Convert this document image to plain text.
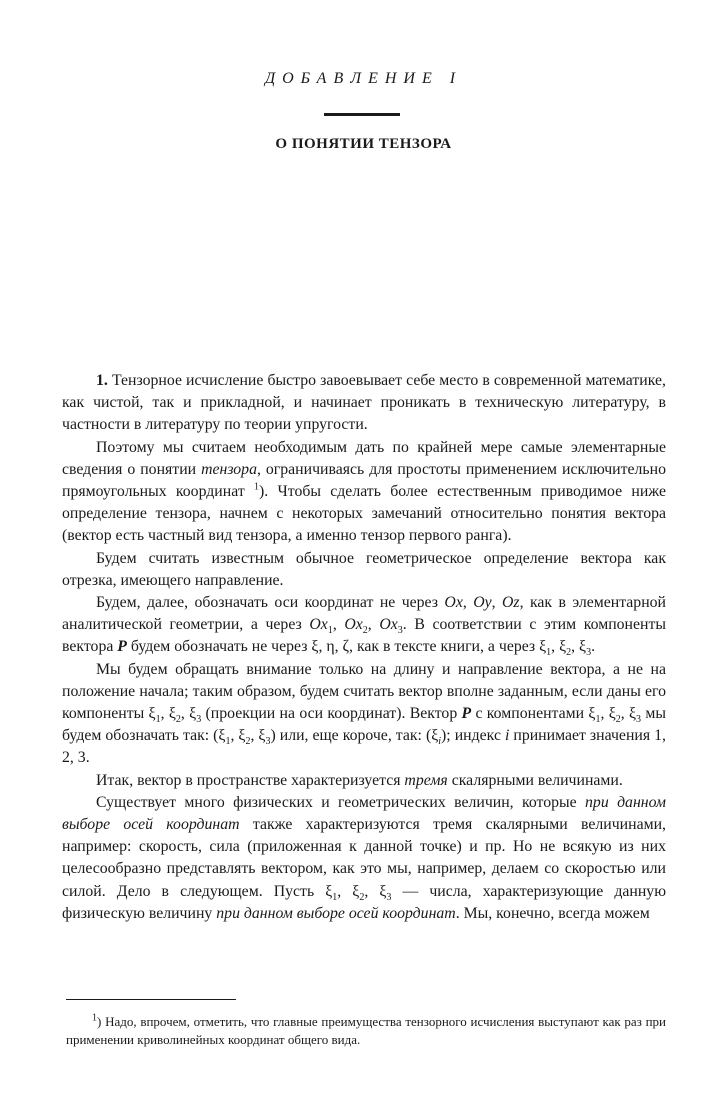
ДОБАВЛЕНИЕ I
О ПОНЯТИИ ТЕНЗОРА

1. Тензорное исчисление быстро завоевывает себе место в современной математике, как чистой, так и прикладной, и начинает проникать в техническую литературу, в частности в литературу по теории упругости.

Поэтому мы считаем необходимым дать по крайней мере самые элементарные сведения о понятии тензора, ограничиваясь для простоты применением исключительно прямоугольных координат $^1$). Чтобы сделать более естественным приводимое ниже определение тензора, начнем с некоторых замечаний относительно понятия вектора (вектор есть частный вид тензора, а именно тензор первого ранга).

Будем считать известным обычное геометрическое определение вектора как отрезка, имеющего направление.

Будем, далее, обозначать оси координат не через Ox, Oy, Oz, как в элементарной аналитической геометрии, а через $Ox_1$, $Ox_2$, $Ox_3$. В соответствии с этим компоненты вектора P будем обозначать не через ξ, η, ζ, как в тексте книги, а через $\xi_1$, $\xi_2$, $\xi_3$.

Мы будем обращать внимание только на длину и направление вектора, а не на положение начала; таким образом, будем считать вектор вполне заданным, если даны его компоненты $\xi_1$, $\xi_2$, $\xi_3$ (проекции на оси координат). Вектор P с компонентами $\xi_1$, $\xi_2$, $\xi_3$ мы будем обозначать так: ($\xi_1$, $\xi_2$, $\xi_3$) или, еще короче, так: $(\xi_i)$; индекс i принимает значения 1, 2, 3.

Итак, вектор в пространстве характеризуется тремя скалярными величинами.

Существует много физических и геометрических величин, которые при данном выборе осей координат также характеризуются тремя скалярными величинами, например: скорость, сила (приложенная к данной точке) и пр. Но не всякую из них целесообразно представлять вектором, как это мы, например, делаем со скоростью или силой. Дело в следующем. Пусть $\xi_1$, $\xi_2$, $\xi_3$ — числа, характеризующие данную физическую величину при данном выборе осей координат. Мы, конечно, всегда можем

$^1$) Надо, впрочем, отметить, что главные преимущества тензорного исчисления выступают как раз при применении криволинейных координат общего вида.
